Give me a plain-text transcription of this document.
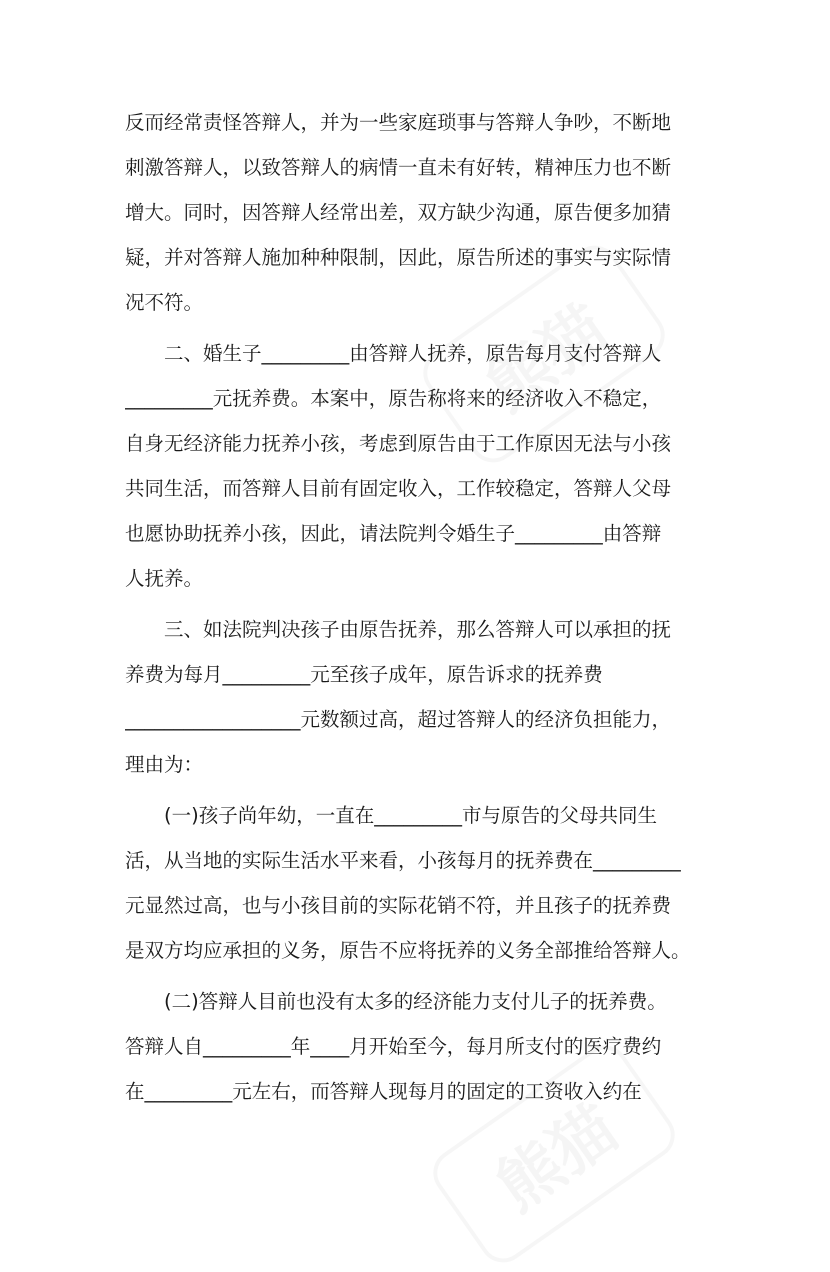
反而经常责怪答辩人，并为一些家庭琐事与答辩人争吵，不断地
刺激答辩人，以致答辩人的病情一直未有好转，精神压力也不断
增大。同时，因答辩人经常出差，双方缺少沟通，原告便多加猜
疑，并对答辩人施加种种限制，因此，原告所述的事实与实际情
况不符。
二、婚生子_________由答辩人抚养，原告每月支付答辩人
_________元抚养费。本案中，原告称将来的经济收入不稳定，
自身无经济能力抚养小孩，考虑到原告由于工作原因无法与小孩
共同生活，而答辩人目前有固定收入，工作较稳定，答辩人父母
也愿协助抚养小孩，因此，请法院判令婚生子_________由答辩
人抚养。
三、如法院判决孩子由原告抚养，那么答辩人可以承担的抚
养费为每月_________元至孩子成年，原告诉求的抚养费
__________________元数额过高，超过答辩人的经济负担能力，
理由为：
(一)孩子尚年幼，一直在_________市与原告的父母共同生
活，从当地的实际生活水平来看，小孩每月的抚养费在_________
元显然过高，也与小孩目前的实际花销不符，并且孩子的抚养费
是双方均应承担的义务，原告不应将抚养的义务全部推给答辩人。
(二)答辩人目前也没有太多的经济能力支付儿子的抚养费。
答辩人自_________年____月开始至今，每月所支付的医疗费约
在_________元左右，而答辩人现每月的固定的工资收入约在
